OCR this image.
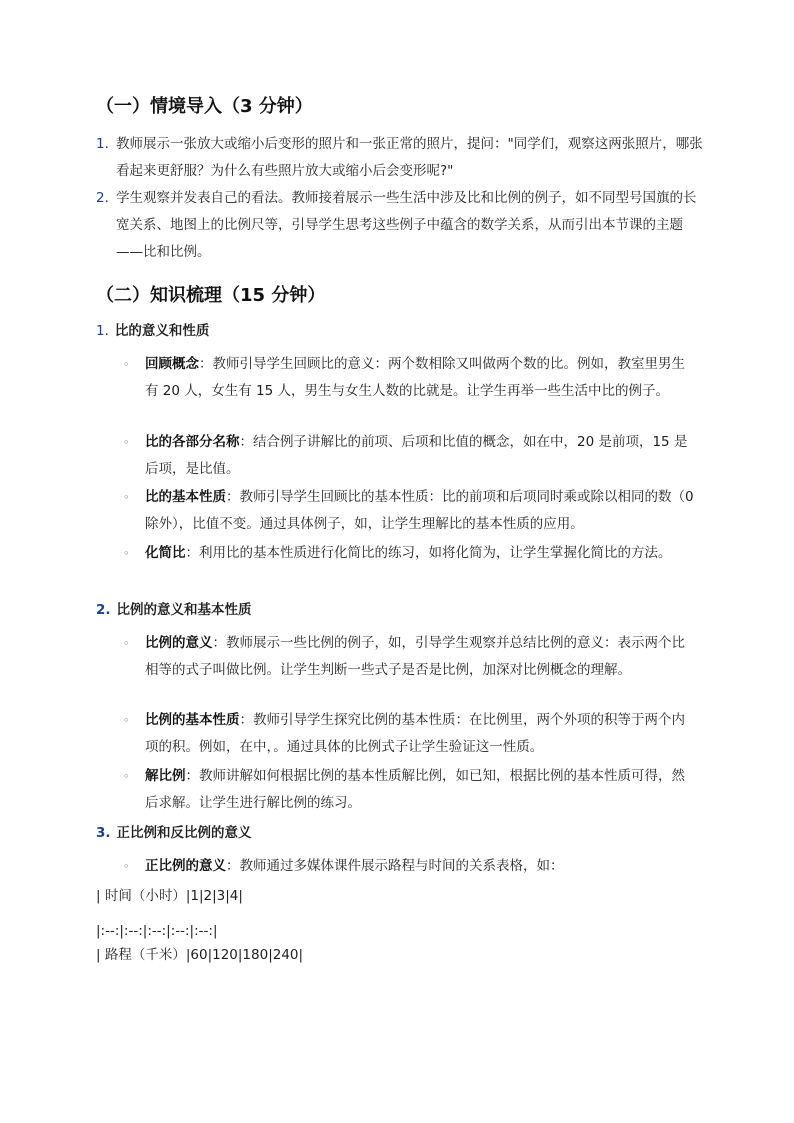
（一）情境导入（3 分钟）
1. 教师展示一张放大或缩小后变形的照片和一张正常的照片，提问："同学们，观察这两张照片，哪张看起来更舒服？为什么有些照片放大或缩小后会变形呢?"
2. 学生观察并发表自己的看法。教师接着展示一些生活中涉及比和比例的例子，如不同型号国旗的长宽关系、地图上的比例尺等，引导学生思考这些例子中蕴含的数学关系，从而引出本节课的主题——比和比例。
（二）知识梳理（15 分钟）
1. 比的意义和性质
◦	回顾概念：教师引导学生回顾比的意义：两个数相除又叫做两个数的比。例如，教室里男生有 20 人，女生有 15 人，男生与女生人数的比就是。让学生再举一些生活中比的例子。
◦	比的各部分名称：结合例子讲解比的前项、后项和比值的概念，如在中，20 是前项，15 是后项，是比值。
◦	比的基本性质：教师引导学生回顾比的基本性质：比的前项和后项同时乘或除以相同的数（0 除外），比值不变。通过具体例子，如，让学生理解比的基本性质的应用。
◦	化简比：利用比的基本性质进行化简比的练习，如将化简为，让学生掌握化简比的方法。
2. 比例的意义和基本性质
◦	比例的意义：教师展示一些比例的例子，如，引导学生观察并总结比例的意义：表示两个比相等的式子叫做比例。让学生判断一些式子是否是比例，加深对比例概念的理解。
◦	比例的基本性质：教师引导学生探究比例的基本性质：在比例里，两个外项的积等于两个内项的积。例如，在中，。通过具体的比例式子让学生验证这一性质。
◦	解比例：教师讲解如何根据比例的基本性质解比例，如已知，根据比例的基本性质可得，然后求解。让学生进行解比例的练习。
3. 正比例和反比例的意义
◦	正比例的意义：教师通过多媒体课件展示路程与时间的关系表格，如：
| 时间（小时）|1|2|3|4|
|:--:|:--:|:--:|:--:|:--:|
| 路程（千米）|60|120|180|240|
